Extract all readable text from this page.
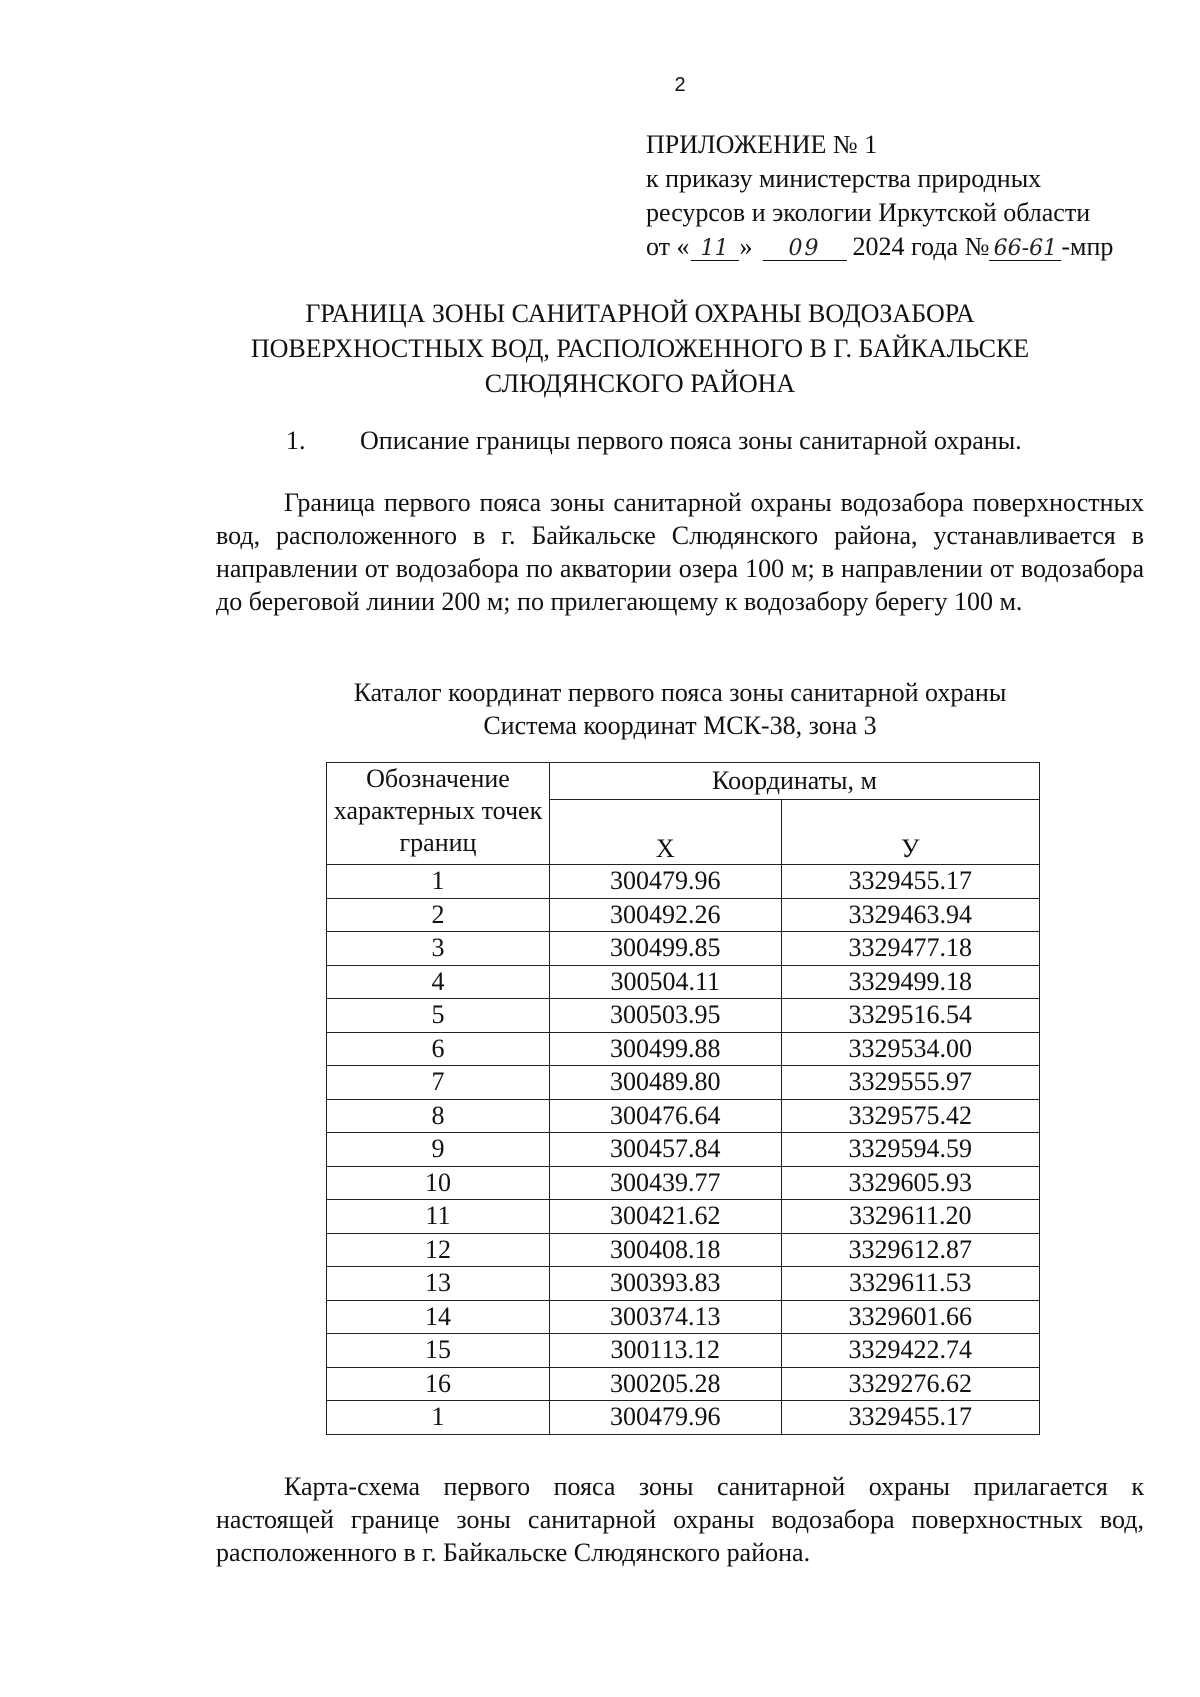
2
ПРИЛОЖЕНИЕ № 1
к приказу министерства природных
ресурсов и экологии Иркутской области
от « 11 » 09 2024 года № 66-61 -мпр
ГРАНИЦА ЗОНЫ САНИТАРНОЙ ОХРАНЫ ВОДОЗАБОРА
ПОВЕРХНОСТНЫХ ВОД, РАСПОЛОЖЕННОГО В Г. БАЙКАЛЬСКЕ
СЛЮДЯНСКОГО РАЙОНА
1. Описание границы первого пояса зоны санитарной охраны.
Граница первого пояса зоны санитарной охраны водозабора поверхностных вод, расположенного в г. Байкальске Слюдянского района, устанавливается в направлении от водозабора по акватории озера 100 м; в направлении от водозабора до береговой линии 200 м; по прилегающему к водозабору берегу 100 м.
Каталог координат первого пояса зоны санитарной охраны
Система координат МСК-38, зона 3
Обозначение характерных точек границ	Координаты, м	
	Х	У
1	300479.96	3329455.17
2	300492.26	3329463.94
3	300499.85	3329477.18
4	300504.11	3329499.18
5	300503.95	3329516.54
6	300499.88	3329534.00
7	300489.80	3329555.97
8	300476.64	3329575.42
9	300457.84	3329594.59
10	300439.77	3329605.93
11	300421.62	3329611.20
12	300408.18	3329612.87
13	300393.83	3329611.53
14	300374.13	3329601.66
15	300113.12	3329422.74
16	300205.28	3329276.62
1	300479.96	3329455.17
Карта-схема первого пояса зоны санитарной охраны прилагается к настоящей границе зоны санитарной охраны водозабора поверхностных вод, расположенного в г. Байкальске Слюдянского района.
